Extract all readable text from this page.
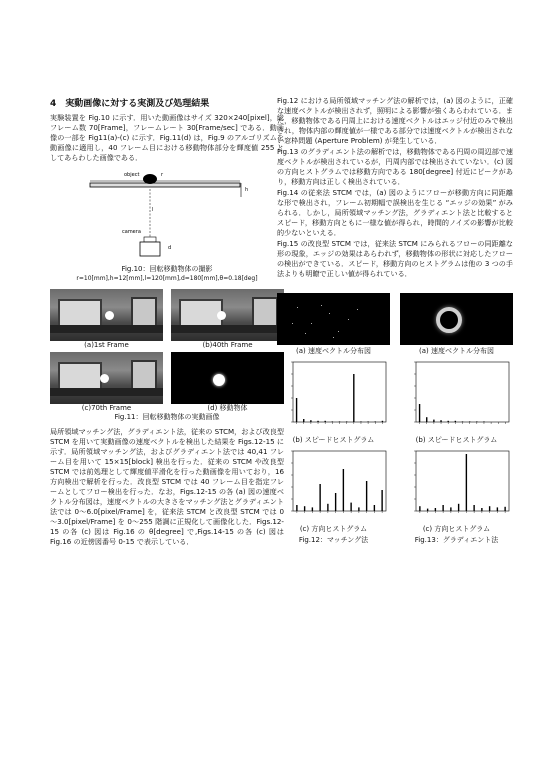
4　実動画像に対する実測及び処理結果

実験装置を Fig.10 に示す．用いた動画像はサイズ 320×240[pixel]，総フレーム数 70[Frame]，フレームレート 30[Frame/sec] である．動画像の一部を Fig11(a)-(c) に示す．Fig.11(d) は，Fig.9 のアルゴリズムを動画像に適用し，40 フレーム目における移動物体部分を輝度値 255 としてあらわした画像である．

object	r
h
l
camera
d
Fig.10：回転移動物体の撮影
r=10[mm],h=12[mm],l=120[mm],d=180[mm],θ=0.18[deg]
(a)1st Frame	(b)40th Frame
(c)70th Frame	(d) 移動物体
Fig.11：回転移動物体の実動画像

局所領域マッチング法，グラディエント法，従来の STCM，および改良型 STCM を用いて実動画像の速度ベクトルを検出した結果を Figs.12-15 に示す．局所領域マッチング法，およびグラディエント法では 40,41 フレーム目を用いて 15×15[block] 検出を行った．従来の STCM や改良型 STCM では前処理として輝度値平滑化を行った動画像を用いており，16 方向検出で解析を行った．改良型 STCM では 40 フレーム目を指定フレームとしてフロー検出を行った．なお，Figs.12-15 の各 (a) 図の速度ベクトル分布図は，速度ベクトルの大きさをマッチング法とグラディエント法では 0～6.0[pixel/Frame] を，従来法 STCM と改良型 STCM では 0～3.0[pixel/Frame] を 0～255 階調に正規化して画像化した．Figs.12-15 の各 (c) 図は Fig.16 の θ[degree] で,Figs.14-15 の各 (c) 図は Fig.16 の近傍図番号 0-15 で表示している．

Fig.12 における局所領域マッチング法の解析では，(a) 図のように，正確な速度ベクトルが検出されず，照明による影響が強くあらわれている．また，移動物体である円周上における速度ベクトルはエッジ付近のみで検出され，物体内部の輝度値が一様である部分では速度ベクトルが検出されない窓枠問題 (Aperture Problem) が発生している．

Fig.13 のグラディエント法の解析では，移動物体である円周の周辺部で速度ベクトルが検出されているが，円周内部では検出されていない．(c) 図の方向ヒストグラムでは移動方向である 180[degree] 付近にピークがあり，移動方向は正しく検出されている．

Fig.14 の従来法 STCM では，(a) 図のようにフローが移動方向に同距離な形で検出され，フレーム初期幅で誤検出を生じる “エッジの効果” がみられる．しかし，局所領域マッチング法，グラディエント法と比較するとスピード，移動方向ともに一様な値が得られ，時間的ノイズの影響が比較的少ないといえる．

Fig.15 の改良型 STCM では，従来法 STCM にみられるフローの同距離な形の現象，エッジの効果はあらわれず，移動物体の形状に対応したフローの検出ができている．スピード，移動方向のヒストグラムは他の 3 つの手法よりも明瞭で正しい値が得られている．

(a) 速度ベクトル分布図
(b) スピードヒストグラム
(c) 方向ヒストグラム
Fig.12：マッチング法
(a) 速度ベクトル分布図
(b) スピードヒストグラム
(c) 方向ヒストグラム
Fig.13：グラディエント法
